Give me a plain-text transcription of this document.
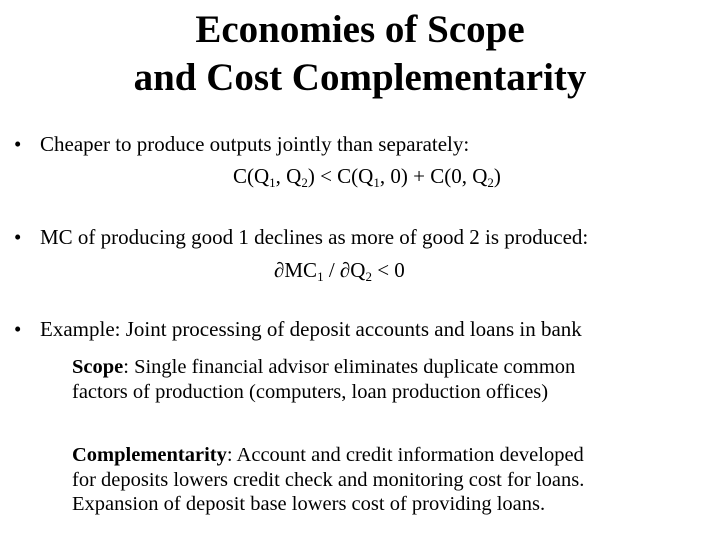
Economies of Scope
and Cost Complementarity
• Cheaper to produce outputs jointly than separately:
$C(Q_1$, $Q_2) < C(Q_1$, 0) + C(0, $Q_2$)
• MC of producing good 1 declines as more of good 2 is produced:
$\partial MC_1 / \partial Q_2 < 0$
• Example: Joint processing of deposit accounts and loans in bank
Scope: Single financial advisor eliminates duplicate common
factors of production (computers, loan production offices)
Complementarity: Account and credit information developed
for deposits lowers credit check and monitoring cost for loans.
Expansion of deposit base lowers cost of providing loans.
